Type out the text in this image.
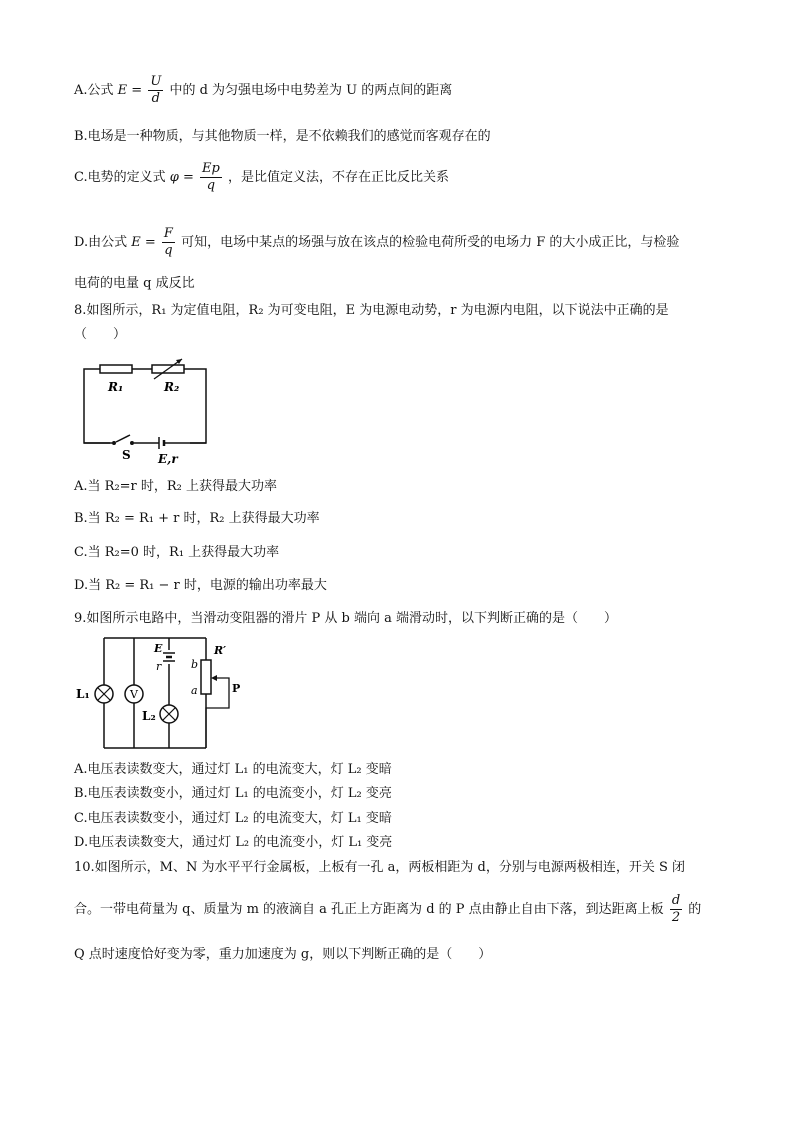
A.公式 $E = \frac{U}{d}$ 中的 d 为匀强电场中电势差为 U 的两点间的距离
B.电场是一种物质，与其他物质一样，是不依赖我们的感觉而客观存在的
C.电势的定义式 $\varphi = \frac{Ep}{q}$ ，是比值定义法，不存在正比反比关系
D.由公式 $E = \frac{F}{q}$ 可知，电场中某点的场强与放在该点的检验电荷所受的电场力 F 的大小成正比，与检验
电荷的电量 q 成反比
8.如图所示，R₁ 为定值电阻，R₂ 为可变电阻，E 为电源电动势，r 为电源内电阻，以下说法中正确的是
（　　）
R₁	R₂
S E,r
A.当 R₂=r 时，R₂ 上获得最大功率
B.当 R₂ = R₁ + r 时，R₂ 上获得最大功率
C.当 R₂=0 时，R₁ 上获得最大功率
D.当 R₂ = R₁ − r 时，电源的输出功率最大
9.如图所示电路中，当滑动变阻器的滑片 P 从 b 端向 a 端滑动时，以下判断正确的是（　　）
V
L₁
E
r
L₂
R′
b
a	P
A.电压表读数变大，通过灯 L₁ 的电流变大，灯 L₂ 变暗
B.电压表读数变小，通过灯 L₁ 的电流变小，灯 L₂ 变亮
C.电压表读数变小，通过灯 L₂ 的电流变大，灯 L₁ 变暗
D.电压表读数变大，通过灯 L₂ 的电流变小，灯 L₁ 变亮
10.如图所示，M、N 为水平平行金属板，上板有一孔 a，两板相距为 d，分别与电源两极相连，开关 S 闭
合。一带电荷量为 q、质量为 m 的液滴自 a 孔正上方距离为 d 的 P 点由静止自由下落，到达距离上板 $\frac{d}{2}$ 的
Q 点时速度恰好变为零，重力加速度为 g，则以下判断正确的是（　　）
